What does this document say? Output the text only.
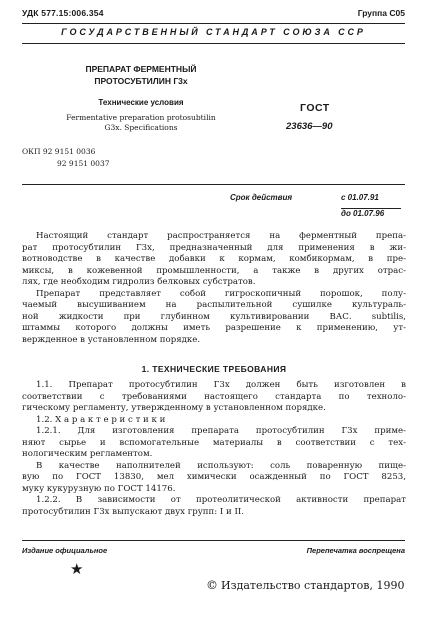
УДК 577.15:006.354	Группа С05
ГОСУДАРСТВЕННЫЙ СТАНДАРТ СОЮЗА ССР
ПРЕПАРАТ ФЕРМЕНТНЫЙ ПРОТОСУБТИЛИН Г3х
Технические условия
Fermentative preparation protosubtilin G3x. Specifications
ГОСТ
23636—90
ОКП 92 9151 0036
92 9151 0037
Срок действия	с 01.07.91
до 01.07.96
Настоящий стандарт распространяется на ферментный препа-
рат протосубтилин Г3х, предназначенный для применения в жи-
вотноводстве в качестве добавки к кормам, комбикормам, в пре-
миксы, в кожевенной промышленности, а также в других отрас-
лях, где необходим гидролиз белковых субстратов.
Препарат представляет собой гигроскопичный порошок, полу-
чаемый высушиванием на распылительной сушилке культураль-
ной жидкости при глубинном культивировании ВАС. subtilis,
штаммы которого должны иметь разрешение к применению, ут-
вержденное в установленном порядке.
1. ТЕХНИЧЕСКИЕ ТРЕБОВАНИЯ
1.1. Препарат протосубтилин Г3х должен быть изготовлен в
соответствии с требованиями настоящего стандарта по техноло-
гическому регламенту, утвержденному в установленном порядке.
1.2. Х а р а к т е р и с т и к и
1.2.1. Для изготовления препарата протосубтилин Г3х приме-
няют сырье и вспомогательные материалы в соответствии с тех-
нологическим регламентом.
В качестве наполнителей используют: соль поваренную пище-
вую по ГОСТ 13830, мел химически осажденный по ГОСТ 8253,
муку кукурузную по ГОСТ 14176.
1.2.2. В зависимости от протеолитической активности препарат
протосубтилин Г3х выпускают двух групп: I и II.
Издание официальное	Перепечатка воспрещена
★
© Издательство стандартов, 1990
